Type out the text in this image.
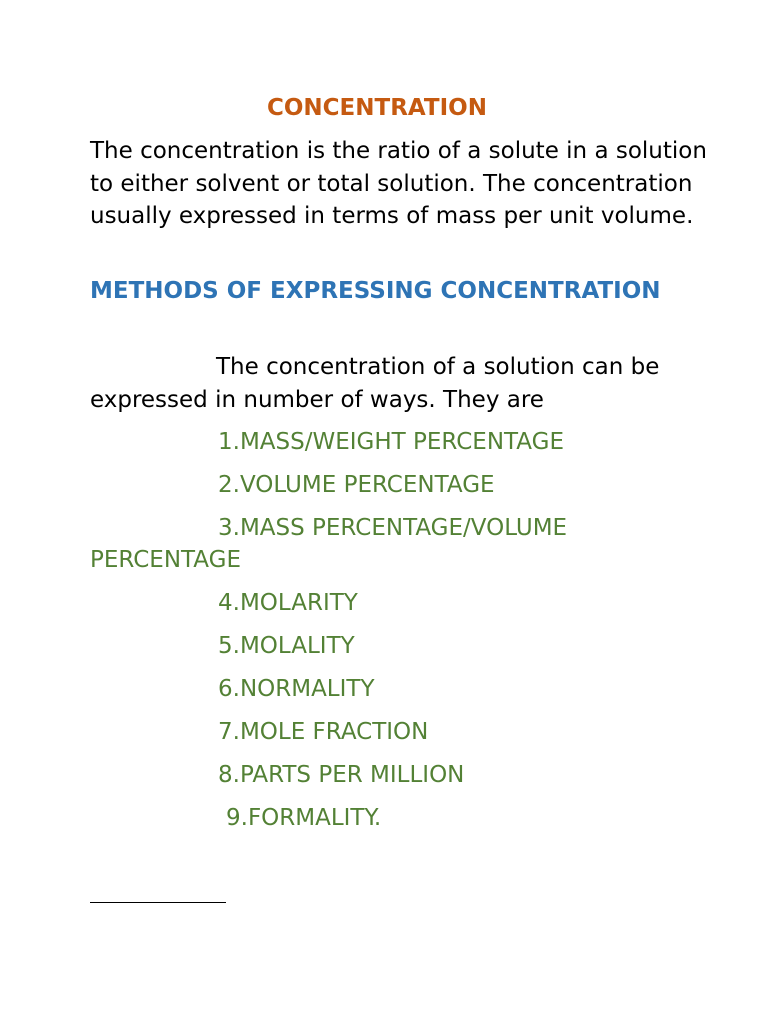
CONCENTRATION

The concentration is the ratio of a solute in a solution to either solvent or total solution. The concentration usually expressed in terms of mass per unit volume.

METHODS OF EXPRESSING CONCENTRATION

The concentration of a solution can be expressed in number of ways. They are

1.MASS/WEIGHT PERCENTAGE
2.VOLUME PERCENTAGE
3.MASS PERCENTAGE/VOLUME PERCENTAGE
4.MOLARITY
5.MOLALITY
6.NORMALITY
7.MOLE FRACTION
8.PARTS PER MILLION
9.FORMALITY.
